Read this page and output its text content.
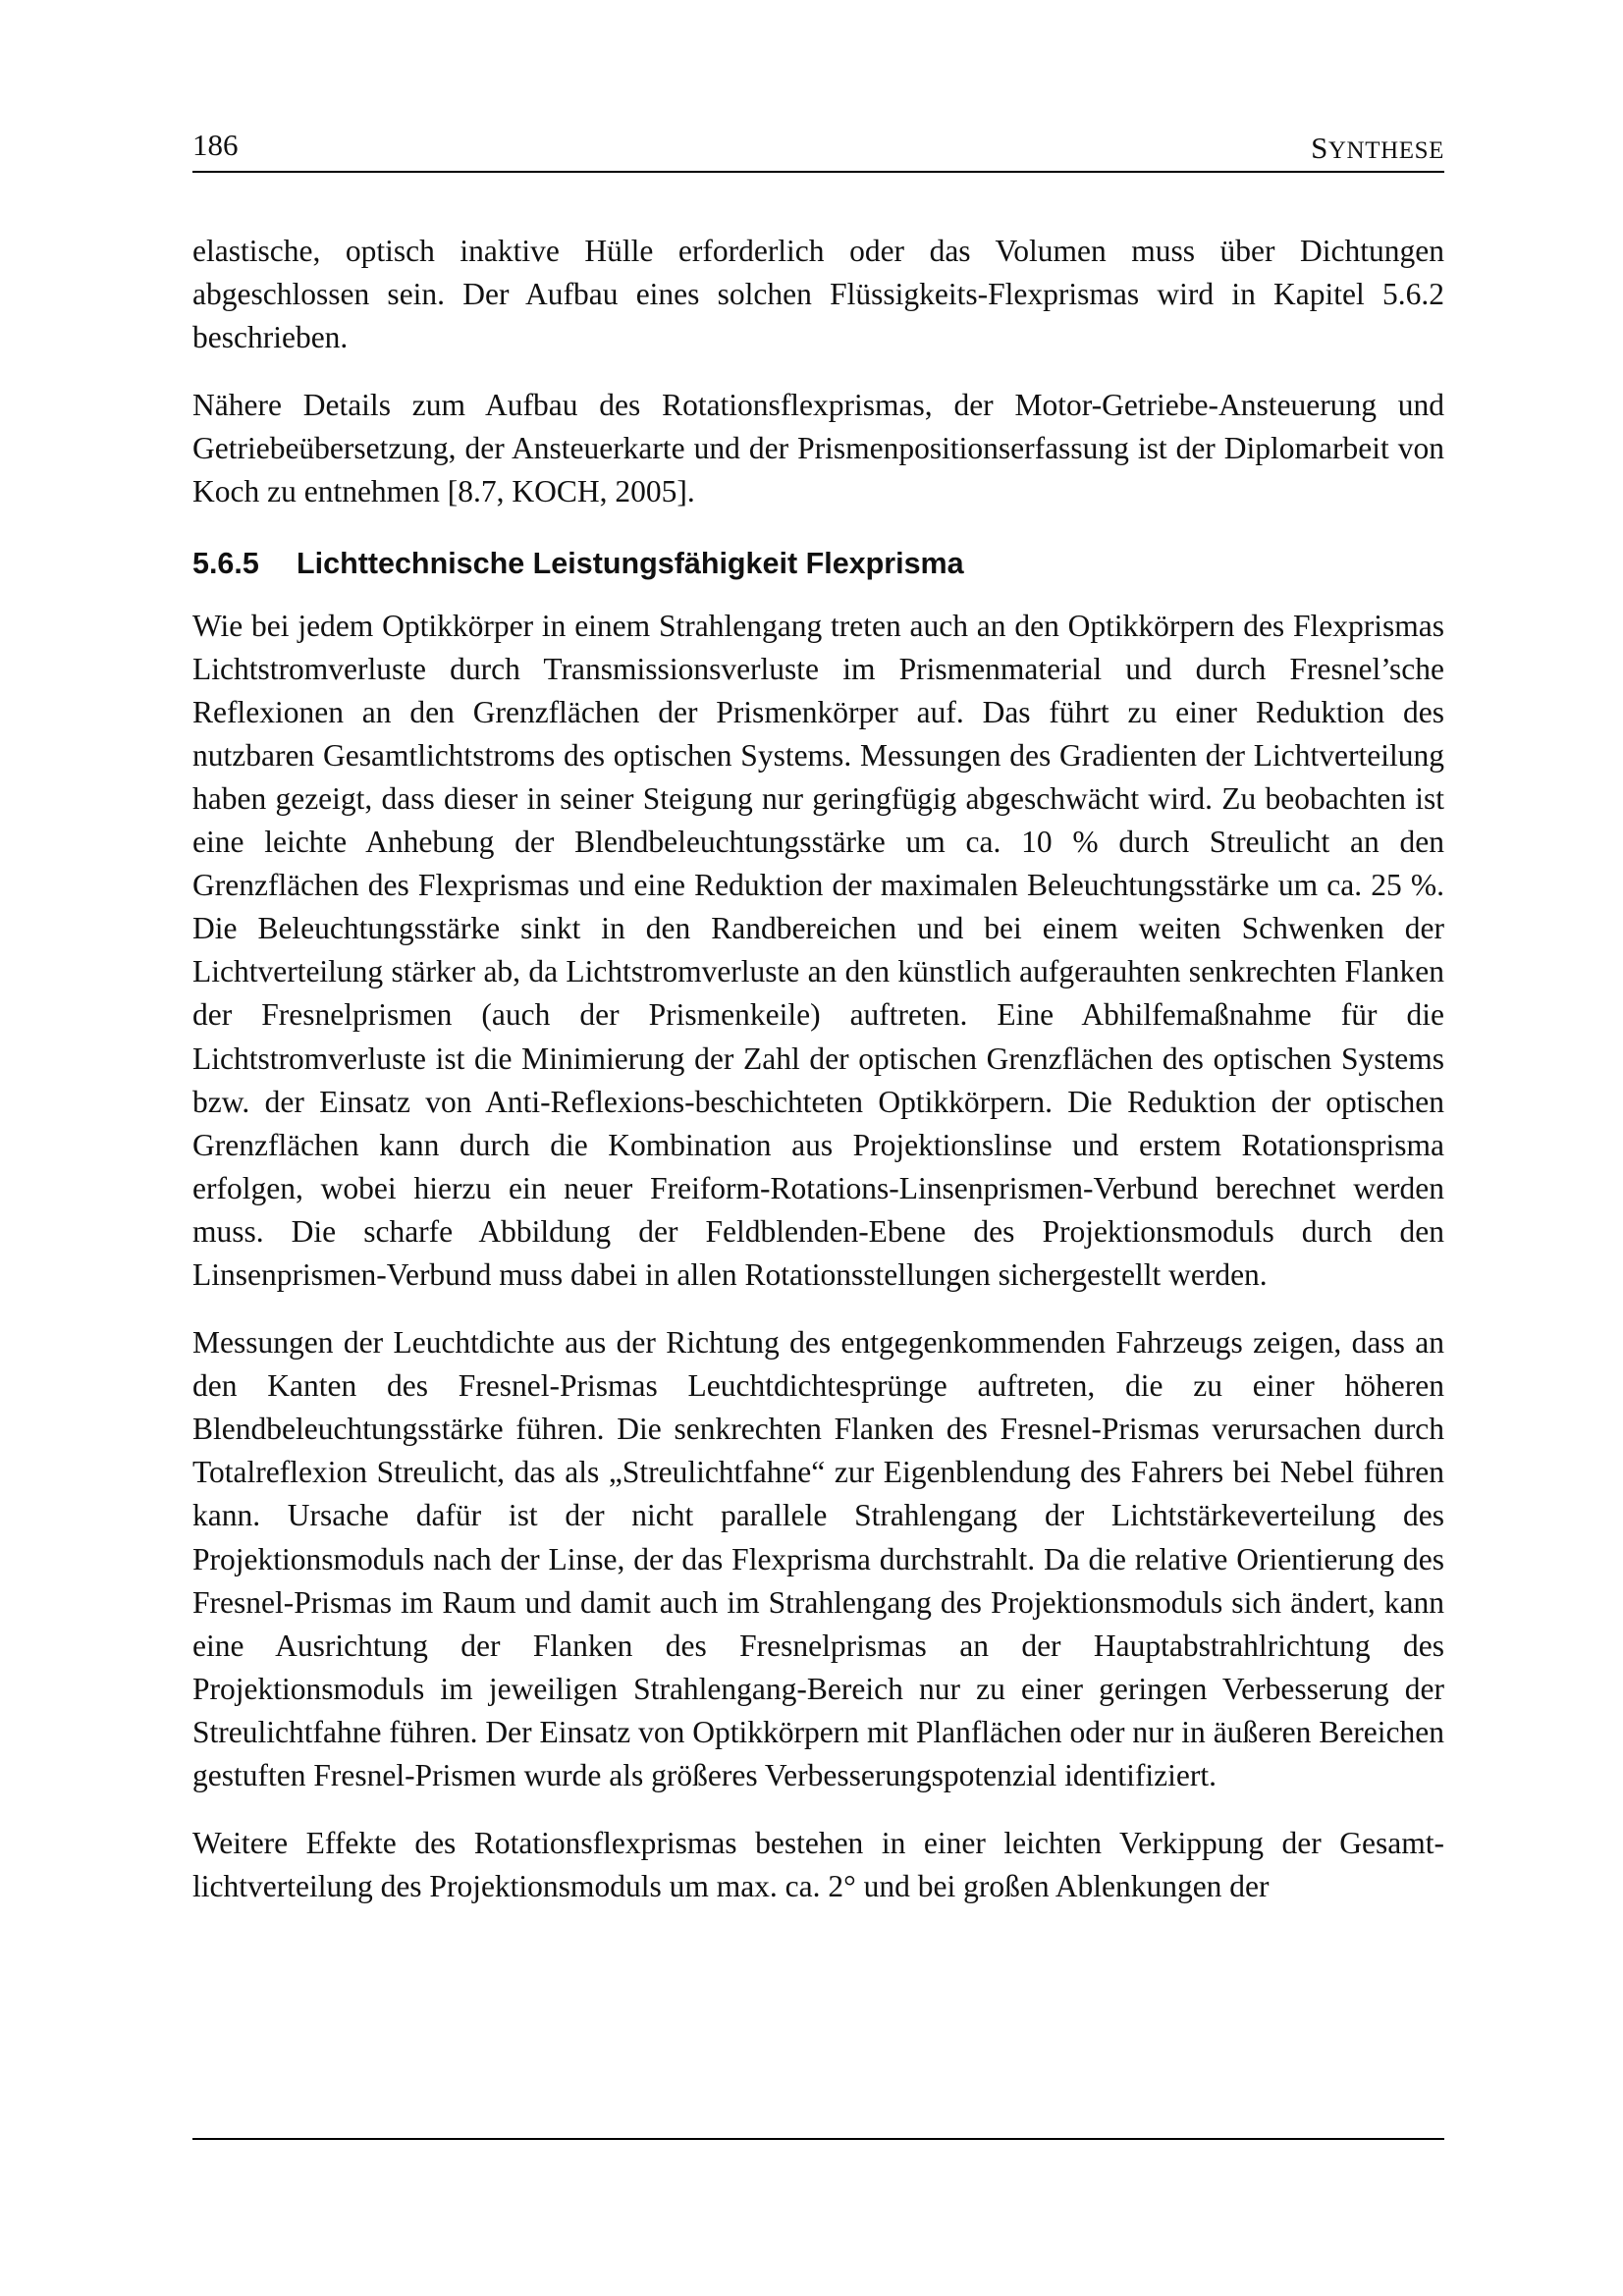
186	SYNTHESE

elastische, optisch inaktive Hülle erforderlich oder das Volumen muss über Dichtungen abgeschlossen sein. Der Aufbau eines solchen Flüssigkeits-Flexprismas wird in Kapitel 5.6.2 beschrieben.

Nähere Details zum Aufbau des Rotationsflexprismas, der Motor-Getriebe-Ansteuerung und Getriebeübersetzung, der Ansteuerkarte und der Prismenpositionserfassung ist der Diplomarbeit von Koch zu entnehmen [8.7, KOCH, 2005].

5.6.5 Lichttechnische Leistungsfähigkeit Flexprisma

Wie bei jedem Optikkörper in einem Strahlengang treten auch an den Optikkörpern des Flexprismas Lichtstromverluste durch Transmissionsverluste im Prismenmaterial und durch Fresnel’sche Reflexionen an den Grenzflächen der Prismenkörper auf. Das führt zu einer Reduktion des nutzbaren Gesamtlichtstroms des optischen Systems. Messungen des Gradienten der Lichtverteilung haben gezeigt, dass dieser in seiner Steigung nur geringfügig abgeschwächt wird. Zu beobachten ist eine leichte Anhebung der Blendbeleuchtungsstärke um ca. 10 % durch Streulicht an den Grenzflächen des Flexprismas und eine Reduktion der maximalen Beleuchtungsstärke um ca. 25 %. Die Beleuchtungsstärke sinkt in den Randbereichen und bei einem weiten Schwenken der Lichtverteilung stärker ab, da Lichtstromverluste an den künstlich aufgerauhten senkrechten Flanken der Fresnelprismen (auch der Prismenkeile) auftreten. Eine Abhilfemaßnahme für die Lichtstromverluste ist die Minimierung der Zahl der optischen Grenzflächen des optischen Systems bzw. der Einsatz von Anti-Reflexions-beschichteten Optikkörpern. Die Reduktion der optischen Grenzflächen kann durch die Kombination aus Projektionslinse und erstem Rotationsprisma erfolgen, wobei hierzu ein neuer Freiform-Rotations-Linsenprismen-Verbund berechnet werden muss. Die scharfe Abbildung der Feldblenden-Ebene des Projektionsmoduls durch den Linsenprismen-Verbund muss dabei in allen Rotationsstellungen sichergestellt werden.

Messungen der Leuchtdichte aus der Richtung des entgegenkommenden Fahrzeugs zeigen, dass an den Kanten des Fresnel-Prismas Leuchtdichtesprünge auftreten, die zu einer höheren Blendbeleuchtungsstärke führen. Die senkrechten Flanken des Fresnel-Prismas verursachen durch Totalreflexion Streulicht, das als „Streulichtfahne“ zur Eigenblendung des Fahrers bei Nebel führen kann. Ursache dafür ist der nicht parallele Strahlengang der Lichtstärkeverteilung des Projektionsmoduls nach der Linse, der das Flexprisma durchstrahlt. Da die relative Orientierung des Fresnel-Prismas im Raum und damit auch im Strahlengang des Projektionsmoduls sich ändert, kann eine Ausrichtung der Flanken des Fresnelprismas an der Hauptabstrahlrichtung des Projektionsmoduls im jeweiligen Strahlengang-Bereich nur zu einer geringen Verbesserung der Streulichtfahne führen. Der Einsatz von Optikkörpern mit Planflächen oder nur in äußeren Bereichen gestuften Fresnel-Prismen wurde als größeres Verbesserungspotenzial identifiziert.

Weitere Effekte des Rotationsflexprismas bestehen in einer leichten Verkippung der Gesamtlichtverteilung des Projektionsmoduls um max. ca. 2° und bei großen Ablenkungen der
